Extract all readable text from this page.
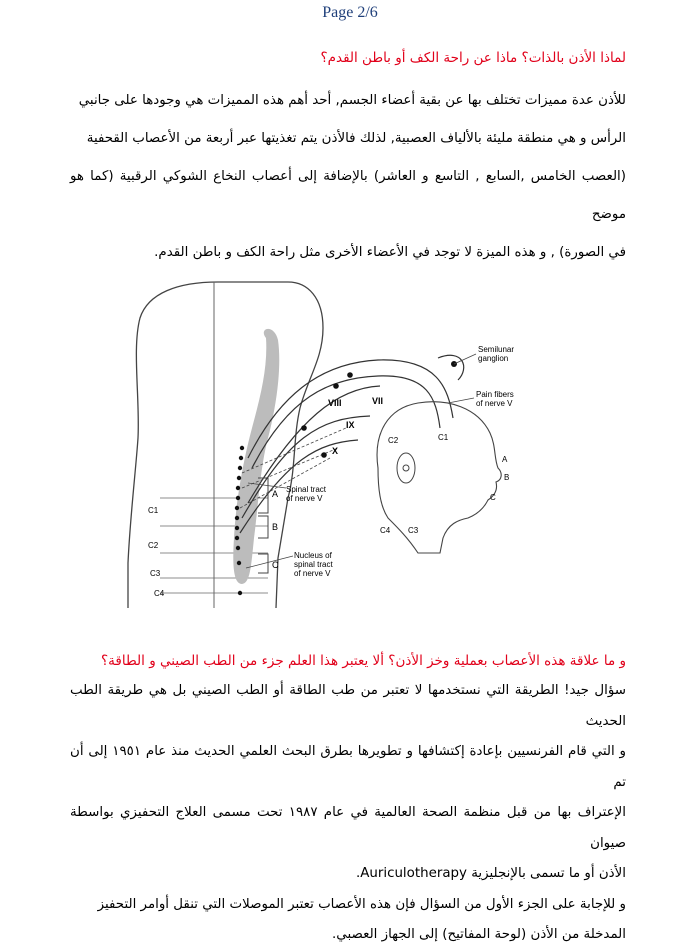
Page 2/6
لماذا الأذن بالذات؟ ماذا عن راحة الكف أو باطن القدم؟
للأذن عدة مميزات تختلف بها عن بقية أعضاء الجسم, أحد أهم هذه المميزات هي وجودها على جانبي
الرأس و هي منطقة مليئة بالألياف العصبية, لذلك فالأذن يتم تغذيتها عبر أربعة من الأعصاب القحفية
(العصب الخامس ,السابع , التاسع و العاشر) بالإضافة إلى أعصاب النخاع الشوكي الرقبية (كما هو موضح
في الصورة) , و هذه الميزة لا توجد في الأعضاء الأخرى مثل راحة الكف و باطن القدم.
Semilunar
ganglion
Pain fibers
of nerve V
Spinal tract
of nerve V
Nucleus of
spinal tract
of nerve V
VIII	VII
IX
X
A
B
C
C1
C2
C3
C4
C1
C2
C3
C4
A
B
C
و ما علاقة هذه الأعصاب بعملية وخز الأذن؟ ألا يعتبر هذا العلم جزء من الطب الصيني و الطاقة؟
سؤال جيد! الطريقة التي نستخدمها لا تعتبر من طب الطاقة أو الطب الصيني بل هي طريقة الطب الحديث
و التي قام الفرنسيين بإعادة إكتشافها و تطويرها بطرق البحث العلمي الحديث منذ عام ١٩٥١ إلى أن تم
الإعتراف بها من قبل منظمة الصحة العالمية في عام ١٩٨٧ تحت مسمى العلاج التحفيزي بواسطة صيوان
الأذن أو ما تسمى بالإنجليزية Auriculotherapy.
و للإجابة على الجزء الأول من السؤال فإن هذه الأعصاب تعتبر الموصلات التي تنقل أوامر التحفيز
المدخلة من الأذن (لوحة المفاتيح) إلى الجهاز العصبي.
